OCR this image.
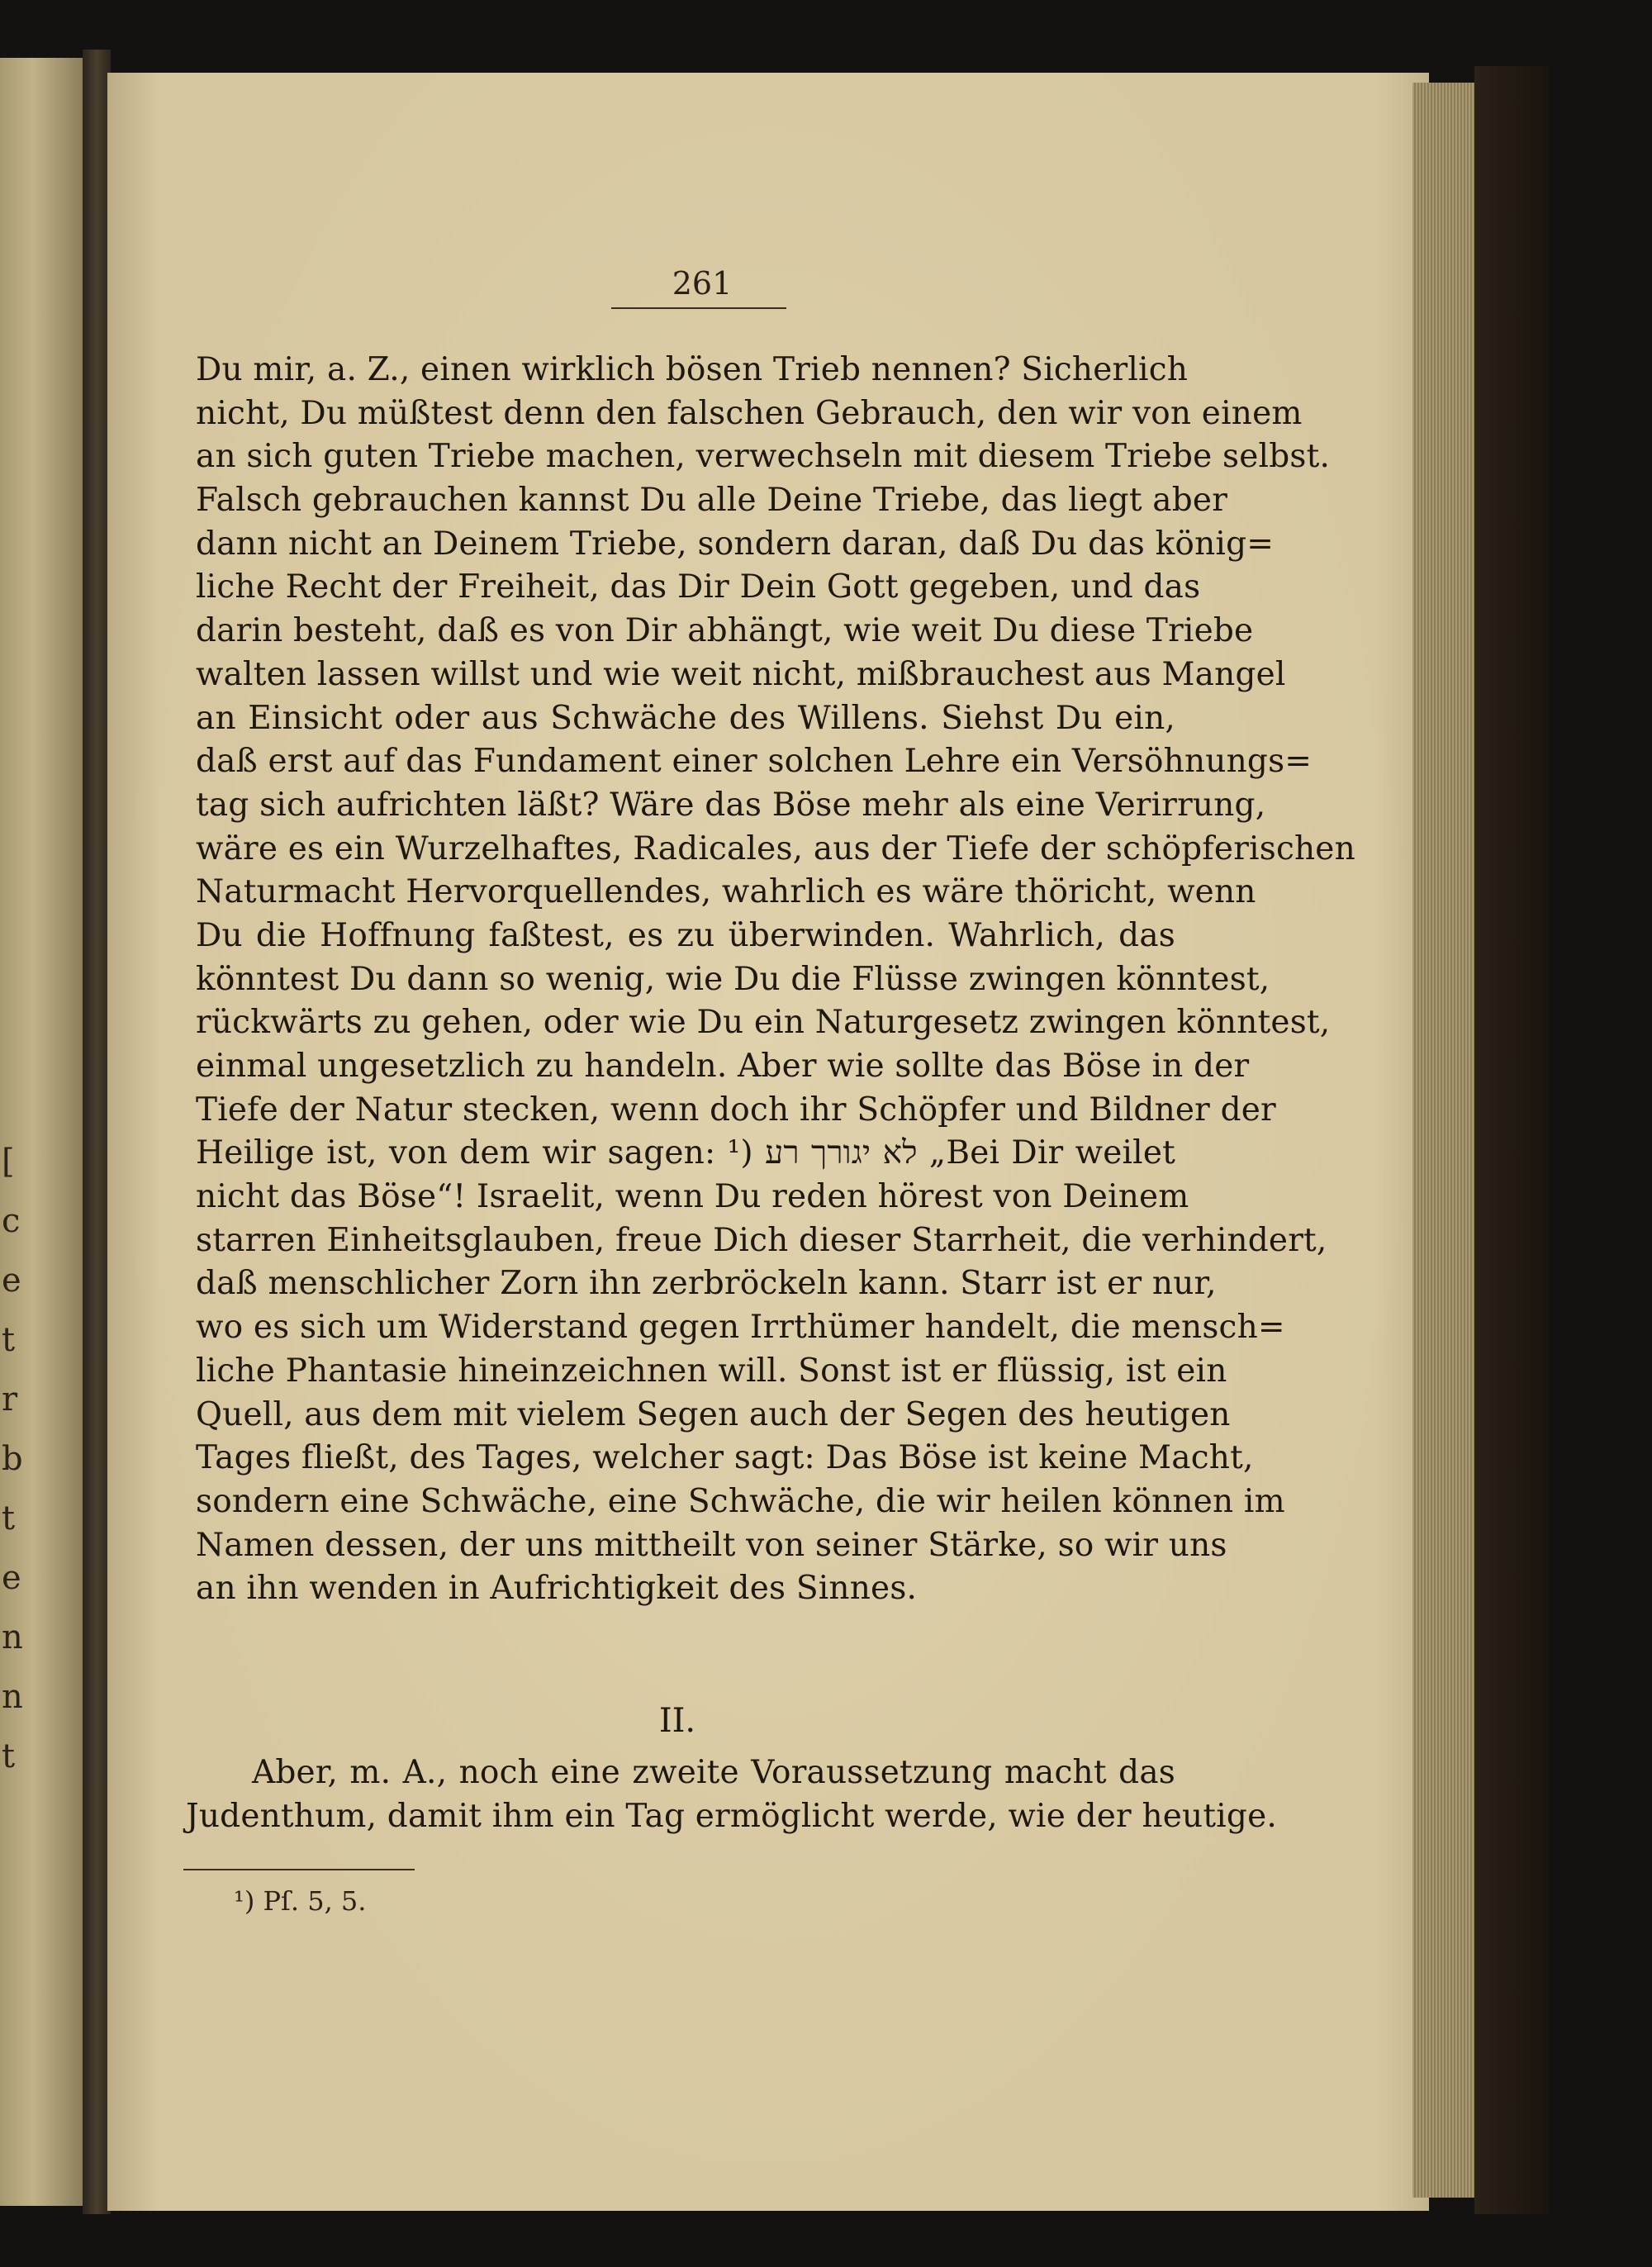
[
c
e
t
r
b
t
e
n
n
t
261
Du mir, a. Z., einen wirklich bösen Trieb nennen? Sicherlich
nicht, Du müßtest denn den falschen Gebrauch, den wir von einem
an sich guten Triebe machen, verwechseln mit diesem Triebe selbst.
Falsch gebrauchen kannst Du alle Deine Triebe, das liegt aber
dann nicht an Deinem Triebe, sondern daran, daß Du das könig=
liche Recht der Freiheit, das Dir Dein Gott gegeben, und das
darin besteht, daß es von Dir abhängt, wie weit Du diese Triebe
walten lassen willst und wie weit nicht, mißbrauchest aus Mangel
an Einsicht oder aus Schwäche des Willens. Siehst Du ein,
daß erst auf das Fundament einer solchen Lehre ein Versöhnungs=
tag sich aufrichten läßt? Wäre das Böse mehr als eine Verirrung,
wäre es ein Wurzelhaftes, Radicales, aus der Tiefe der schöpferischen
Naturmacht Hervorquellendes, wahrlich es wäre thöricht, wenn
Du die Hoffnung faßtest, es zu überwinden. Wahrlich, das
könntest Du dann so wenig, wie Du die Flüsse zwingen könntest,
rückwärts zu gehen, oder wie Du ein Naturgesetz zwingen könntest,
einmal ungesetzlich zu handeln. Aber wie sollte das Böse in der
Tiefe der Natur stecken, wenn doch ihr Schöpfer und Bildner der
Heilige ist, von dem wir sagen: ¹) לא יגורך רע „Bei Dir weilet
nicht das Böse“! Israelit, wenn Du reden hörest von Deinem
starren Einheitsglauben, freue Dich dieser Starrheit, die verhindert,
daß menschlicher Zorn ihn zerbröckeln kann. Starr ist er nur,
wo es sich um Widerstand gegen Irrthümer handelt, die mensch=
liche Phantasie hineinzeichnen will. Sonst ist er flüssig, ist ein
Quell, aus dem mit vielem Segen auch der Segen des heutigen
Tages fließt, des Tages, welcher sagt: Das Böse ist keine Macht,
sondern eine Schwäche, eine Schwäche, die wir heilen können im
Namen dessen, der uns mittheilt von seiner Stärke, so wir uns
an ihn wenden in Aufrichtigkeit des Sinnes.
II.
Aber, m. A., noch eine zweite Voraussetzung macht das
Judenthum, damit ihm ein Tag ermöglicht werde, wie der heutige.
¹) Pſ. 5, 5.
